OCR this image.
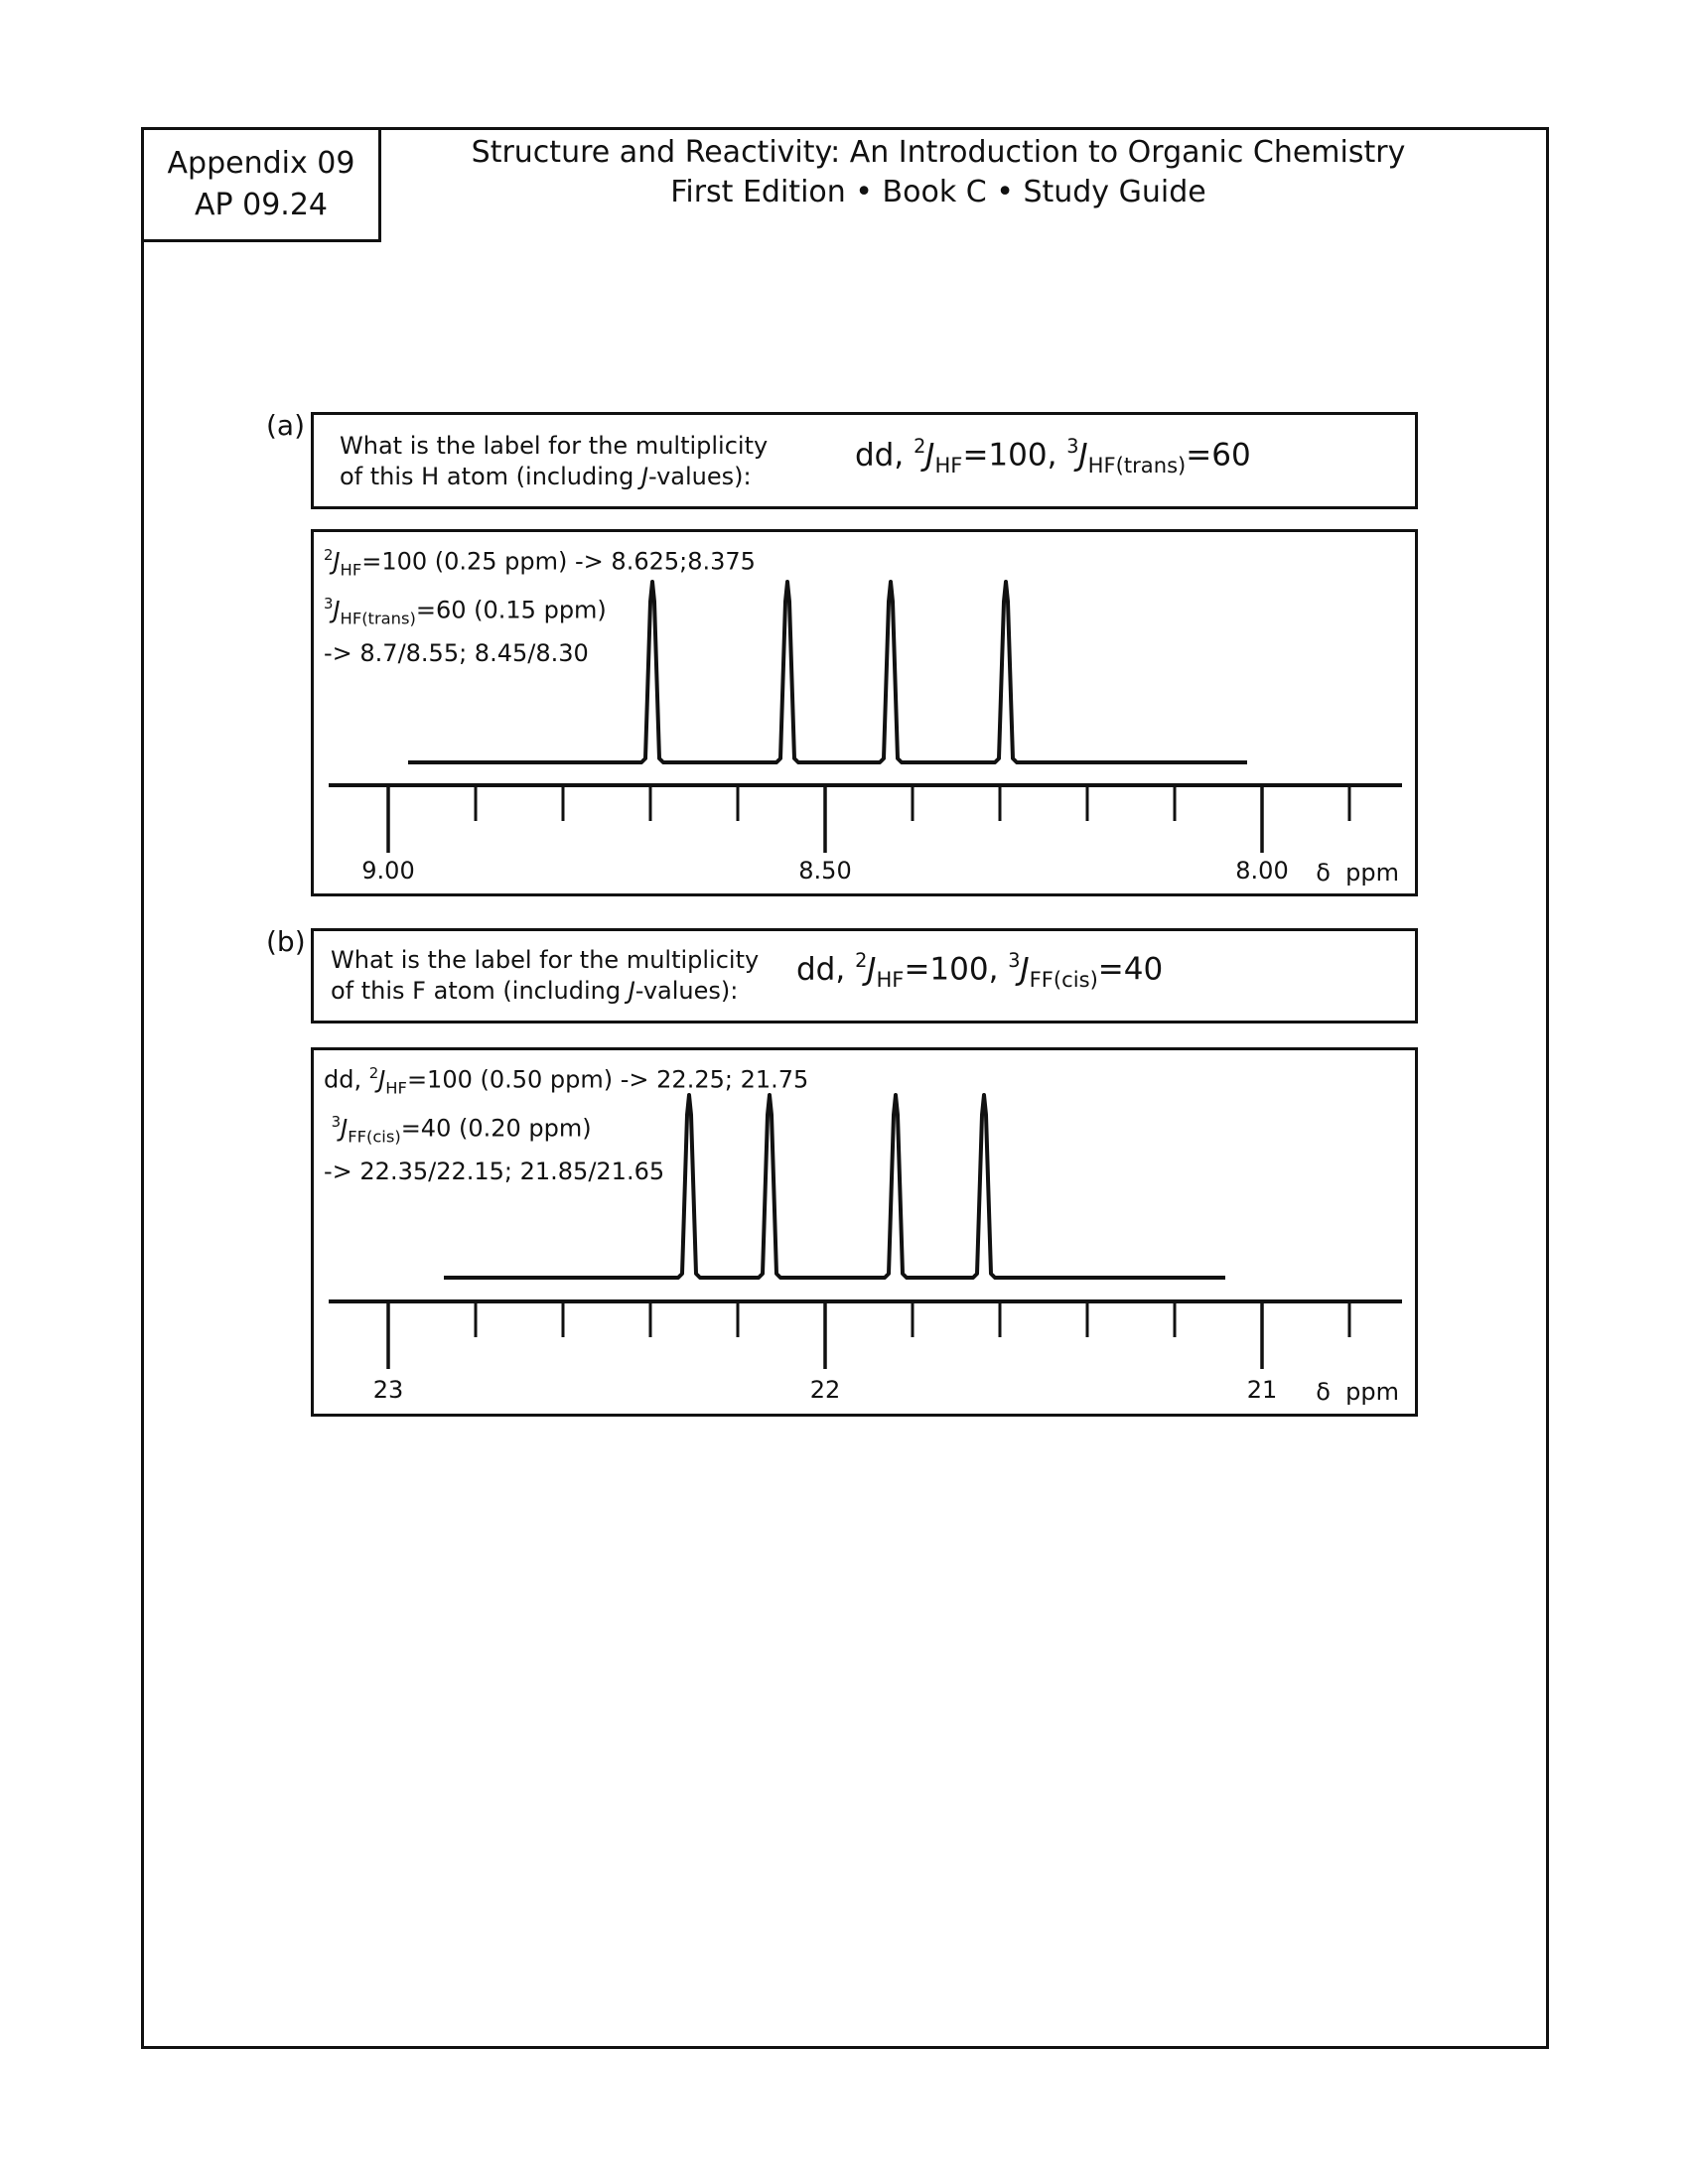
Appendix 09
AP 09.24
Structure and Reactivity: An Introduction to Organic Chemistry
First Edition • Book C • Study Guide
(a)
What is the label for the multiplicity
of this H atom (including J-values):
dd, $^2J_{HF}=100$, $^3J_{HF(trans)}=60$
9.00	8.50	8.00 δ  ppm
$^2J_{HF}=100$ (0.25 ppm) -> 8.625;8.375
$^3J_{HF(trans)}=60$ (0.15 ppm)
-> 8.7/8.55; 8.45/8.30
(b)
What is the label for the multiplicity
of this F atom (including J-values):
dd, $^2J_{HF}=100$, $^3J_{FF(cis)}=40$
23	22	21 δ  ppm
dd, $^2J_{HF}=100$ (0.50 ppm) -> 22.25; 21.75
$^3J_{FF(cis)}=40$ (0.20 ppm)
-> 22.35/22.15; 21.85/21.65
